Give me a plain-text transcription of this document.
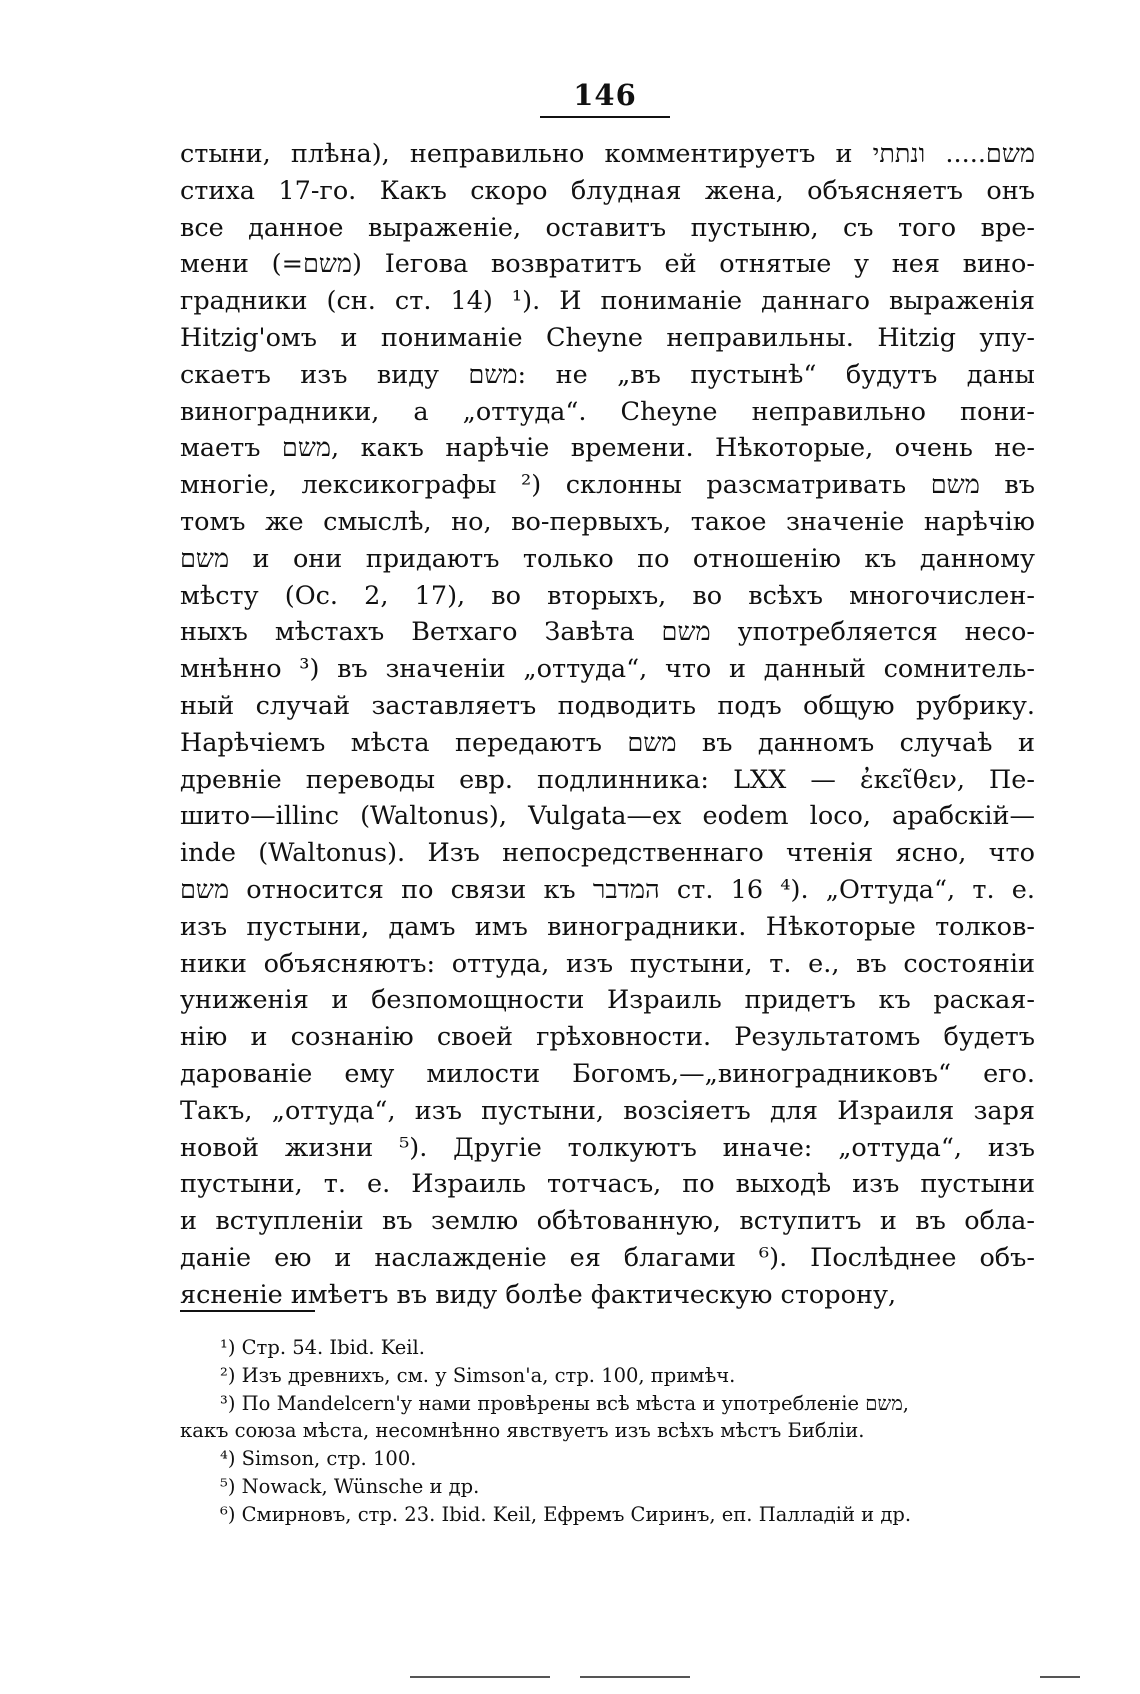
146
стыни, плѣна), неправильно комментируетъ и משם..... ונתתי
стиха 17-го. Какъ скоро блудная жена, объясняетъ онъ
все данное выраженіе, оставитъ пустыню, съ того вре-
мени (=משם) Іегова возвратитъ ей отнятые у нея вино-
градники (сн. ст. 14) ¹). И пониманіе даннаго выраженія
Hitzig'омъ и пониманіе Cheyne неправильны. Hitzig упу-
скаетъ изъ виду משם: не „въ пустынѣ“ будутъ даны
виноградники, а „оттуда“. Cheyne неправильно пони-
маетъ משם, какъ нарѣчіе времени. Нѣкоторые, очень не-
многіе, лексикографы ²) склонны разсматривать משם въ
томъ же смыслѣ, но, во-первыхъ, такое значеніе нарѣчію
משם и они придаютъ только по отношенію къ данному
мѣсту (Ос. 2, 17), во вторыхъ, во всѣхъ многочислен-
ныхъ мѣстахъ Ветхаго Завѣта משם употребляется несо-
мнѣнно ³) въ значеніи „оттуда“, что и данный сомнитель-
ный случай заставляетъ подводить подъ общую рубрику.
Нарѣчіемъ мѣста передаютъ משם въ данномъ случаѣ и
древніе переводы евр. подлинника: LXX — ἐκεῖθεν, Пе-
шито—illinc (Waltonus), Vulgata—ex eodem loco, арабскій—
inde (Waltonus). Изъ непосредственнаго чтенія ясно, что
משם относится по связи къ המדבר ст. 16 ⁴). „Оттуда“, т. е.
изъ пустыни, дамъ имъ виноградники. Нѣкоторые толков-
ники объясняютъ: оттуда, изъ пустыни, т. е., въ состояніи
униженія и безпомощности Израиль придетъ къ раская-
нію и сознанію своей грѣховности. Результатомъ будетъ
дарованіе ему милости Богомъ,—„виноградниковъ“ его.
Такъ, „оттуда“, изъ пустыни, возсіяетъ для Израиля заря
новой жизни ⁵). Другіе толкуютъ иначе: „оттуда“, изъ
пустыни, т. е. Израиль тотчасъ, по выходѣ изъ пустыни
и вступленіи въ землю обѣтованную, вступитъ и въ обла-
даніе ею и наслажденіе ея благами ⁶). Послѣднее объ-
ясненіе имѣетъ въ виду болѣе фактическую сторону,
¹) Стр. 54. Ibid. Keil.
²) Изъ древнихъ, см. у Simson'а, стр. 100, примѣч.
³) По Mandelcern'у нами провѣрены всѣ мѣста и употребленіе משם,
какъ союза мѣста, несомнѣнно явствуетъ изъ всѣхъ мѣстъ Библіи.
⁴) Simson, стр. 100.
⁵) Nowack, Wünsche и др.
⁶) Смирновъ, стр. 23. Ibid. Keil, Ефремъ Сиринъ, еп. Палладій и др.
